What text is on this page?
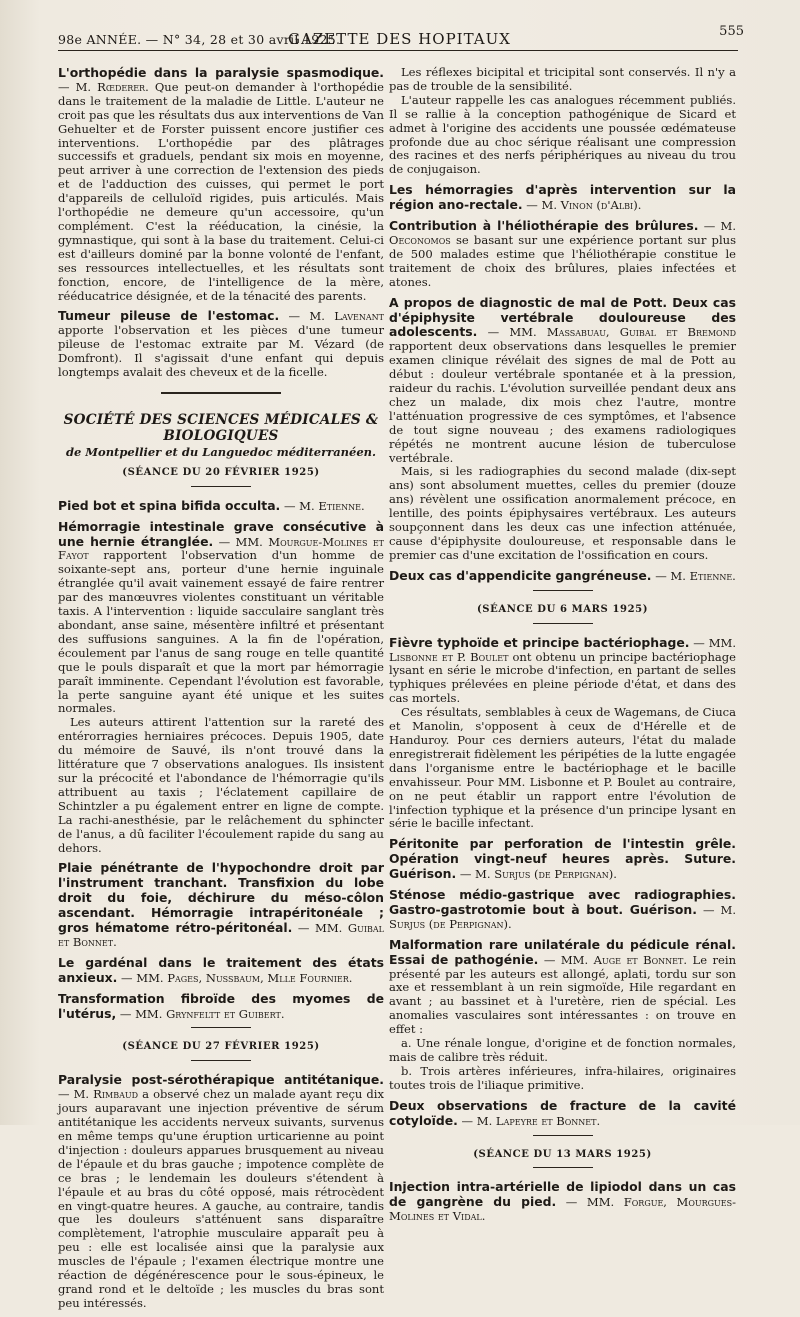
98e ANNÉE. — N° 34, 28 et 30 avril 1925.
GAZETTE DES HOPITAUX	555
L'orthopédie dans la paralysie spasmodique. — M. Rœderer. Que peut-on demander à l'orthopédie dans le traitement de la maladie de Little. L'auteur ne croit pas que les résultats dus aux interventions de Van Gehuelter et de Forster puissent encore justifier ces interventions. L'orthopédie par des plâtrages successifs et graduels, pendant six mois en moyenne, peut arriver à une correction de l'extension des pieds et de l'adduction des cuisses, qui permet le port d'appareils de celluloïd rigides, puis articulés. Mais l'orthopédie ne demeure qu'un accessoire, qu'un complément. C'est la rééducation, la cinésie, la gymnastique, qui sont à la base du traitement. Celui-ci est d'ailleurs dominé par la bonne volonté de l'enfant, ses ressources intellectuelles, et les résultats sont fonction, encore, de l'intelligence de la mère, rééducatrice désignée, et de la ténacité des parents.
Tumeur pileuse de l'estomac. — M. Lavenant apporte l'observation et les pièces d'une tumeur pileuse de l'estomac extraite par M. Vézard (de Domfront). Il s'agissait d'une enfant qui depuis longtemps avalait des cheveux et de la ficelle.
SOCIÉTÉ DES SCIENCES MÉDICALES & BIOLOGIQUES
de Montpellier et du Languedoc méditerranéen.
(SÉANCE DU 20 FÉVRIER 1925)
Pied bot et spina bifida occulta. — M. Etienne.
Hémorragie intestinale grave consécutive à une hernie étranglée. — MM. Mourgue-Molines et Fayot rapportent l'observation d'un homme de soixante-sept ans, porteur d'une hernie inguinale étranglée qu'il avait vainement essayé de faire rentrer par des manœuvres violentes constituant un véritable taxis. A l'intervention : liquide sacculaire sanglant très abondant, anse saine, mésentère infiltré et présentant des suffusions sanguines. A la fin de l'opération, écoulement par l'anus de sang rouge en telle quantité que le pouls disparaît et que la mort par hémorragie paraît imminente. Cependant l'évolution est favorable, la perte sanguine ayant été unique et les suites normales.

Les auteurs attirent l'attention sur la rareté des entérorragies herniaires précoces. Depuis 1905, date du mémoire de Sauvé, ils n'ont trouvé dans la littérature que 7 observations analogues. Ils insistent sur la précocité et l'abondance de l'hémorragie qu'ils attribuent au taxis ; l'éclatement capillaire de Schintzler a pu également entrer en ligne de compte. La rachi-anesthésie, par le relâchement du sphincter de l'anus, a dû faciliter l'écoulement rapide du sang au dehors.

Plaie pénétrante de l'hypochondre droit par l'instrument tranchant. Transfixion du lobe droit du foie, déchirure du méso-côlon ascendant. Hémorragie intrapéritonéale ; gros hématome rétro-péritonéal. — MM. Guibal et Bonnet.
Le gardénal dans le traitement des états anxieux. — MM. Pages, Nussbaum, Mlle Fournier.
Transformation fibroïde des myomes de l'utérus, — MM. Grynfeltt et Guibert.
(SÉANCE DU 27 FÉVRIER 1925)
Paralysie post-sérothérapique antitétanique. — M. Rimbaud a observé chez un malade ayant reçu dix jours auparavant une injection préventive de sérum antitétanique les accidents nerveux suivants, survenus en même temps qu'une éruption urticarienne au point d'injection : douleurs apparues brusquement au niveau de l'épaule et du bras gauche ; impotence complète de ce bras ; le lendemain les douleurs s'étendent à l'épaule et au bras du côté opposé, mais rétrocèdent en vingt-quatre heures. A gauche, au contraire, tandis que les douleurs s'atténuent sans disparaître complètement, l'atrophie musculaire apparaît peu à peu : elle est localisée ainsi que la paralysie aux muscles de l'épaule ; l'examen électrique montre une réaction de dégénérescence pour le sous-épineux, le grand rond et le deltoïde ; les muscles du bras sont peu intéressés.

Les réflexes bicipital et tricipital sont conservés. Il n'y a pas de trouble de la sensibilité.

L'auteur rappelle les cas analogues récemment publiés. Il se rallie à la conception pathogénique de Sicard et admet à l'origine des accidents une poussée œdémateuse profonde due au choc sérique réalisant une compression des racines et des nerfs périphériques au niveau du trou de conjugaison.

Les hémorragies d'après intervention sur la région ano-rectale. — M. Vinon (d'Albi).
Contribution à l'héliothérapie des brûlures. — M. Oeconomos se basant sur une expérience portant sur plus de 500 malades estime que l'héliothérapie constitue le traitement de choix des brûlures, plaies infectées et atones.
A propos de diagnostic de mal de Pott. Deux cas d'épiphysite vertébrale douloureuse des adolescents. — MM. Massabuau, Guibal et Bremond rapportent deux observations dans lesquelles le premier examen clinique révélait des signes de mal de Pott au début : douleur vertébrale spontanée et à la pression, raideur du rachis. L'évolution surveillée pendant deux ans chez un malade, dix mois chez l'autre, montre l'atténuation progressive de ces symptômes, et l'absence de tout signe nouveau ; des examens radiologiques répétés ne montrent aucune lésion de tuberculose vertébrale.

Mais, si les radiographies du second malade (dix-sept ans) sont absolument muettes, celles du premier (douze ans) révèlent une ossification anormalement précoce, en lentille, des points épiphysaires vertébraux. Les auteurs soupçonnent dans les deux cas une infection atténuée, cause d'épiphysite douloureuse, et responsable dans le premier cas d'une excitation de l'ossification en cours.

Deux cas d'appendicite gangréneuse. — M. Etienne.
(SÉANCE DU 6 MARS 1925)
Fièvre typhoïde et principe bactériophage. — MM. Lisbonne et P. Boulet ont obtenu un principe bactériophage lysant en série le microbe d'infection, en partant de selles typhiques prélevées en pleine période d'état, et dans des cas mortels.

Ces résultats, semblables à ceux de Wagemans, de Ciuca et Manolin, s'opposent à ceux de d'Hérelle et de Handuroy. Pour ces derniers auteurs, l'état du malade enregistrerait fidèlement les péripéties de la lutte engagée dans l'organisme entre le bactériophage et le bacille envahisseur. Pour MM. Lisbonne et P. Boulet au contraire, on ne peut établir un rapport entre l'évolution de l'infection typhique et la présence d'un principe lysant en série le bacille infectant.

Péritonite par perforation de l'intestin grêle. Opération vingt-neuf heures après. Suture. Guérison. — M. Surjus (de Perpignan).
Sténose médio-gastrique avec radiographies. Gastro-gastrotomie bout à bout. Guérison. — M. Surjus (de Perpignan).
Malformation rare unilatérale du pédicule rénal. Essai de pathogénie. — MM. Auge et Bonnet. Le rein présenté par les auteurs est allongé, aplati, tordu sur son axe et ressemblant à un rein sigmoïde, Hile regardant en avant ; au bassinet et à l'uretère, rien de spécial. Les anomalies vasculaires sont intéressantes : on trouve en effet :

a. Une rénale longue, d'origine et de fonction normales, mais de calibre très réduit.

b. Trois artères inférieures, infra-hilaires, originaires toutes trois de l'iliaque primitive.

Deux observations de fracture de la cavité cotyloïde. — M. Lapeyre et Bonnet.
(SÉANCE DU 13 MARS 1925)
Injection intra-artérielle de lipiodol dans un cas de gangrène du pied. — MM. Forgue, Mourgues-Molines et Vidal.
